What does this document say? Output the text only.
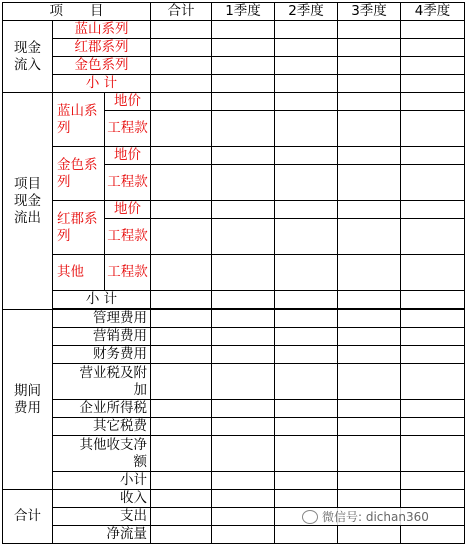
项　　目			合计	1季度	2季度	3季度	4季度
现金流入	蓝山系列						
	红郡系列						
	金色系列						
	小 计						
项目现金流出	蓝山系列	地价					
		工程款					
	金色系列	地价					
		工程款					
	红郡系列	地价					
		工程款					
	其他	工程款					
	小 计						

期间费用	管理费用						
	营销费用						
	财务费用						
	营业税及附加						
	企业所得税						
	其它税费						
	其他收支净额						
	小计						
合计	收入						
	支出						
	净流量						
微信号: dichan360
